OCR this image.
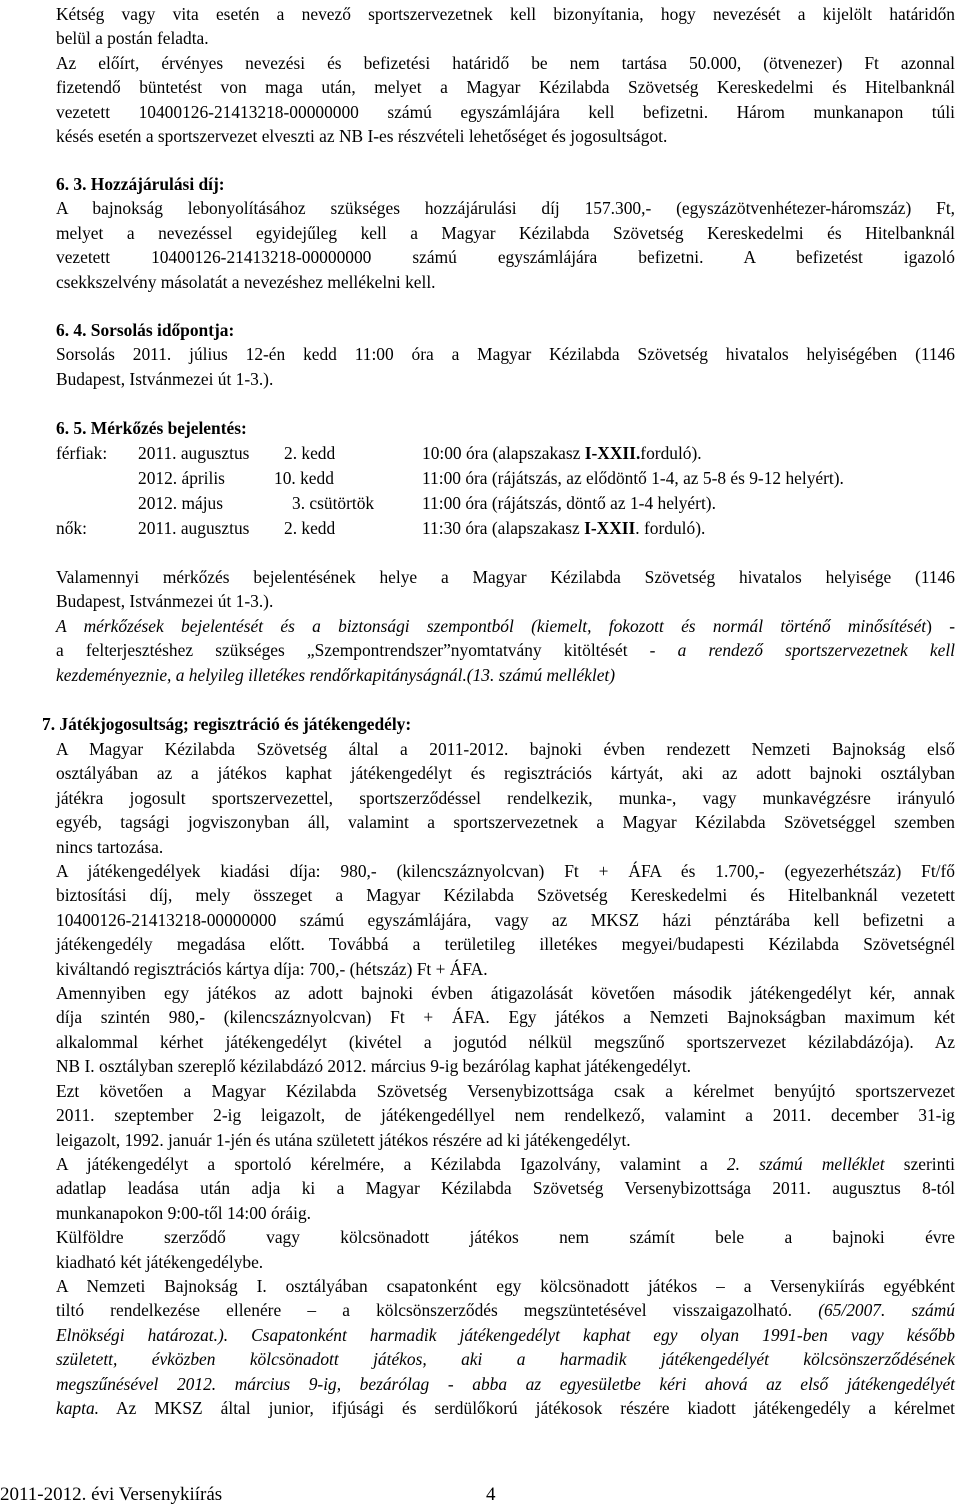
Kétség vagy vita esetén a nevező sportszervezetnek kell bizonyítania, hogy nevezését a kijelölt határidőn
belül a postán feladta.
Az előírt, érvényes nevezési és befizetési határidő be nem tartása 50.000, (ötvenezer) Ft azonnal
fizetendő büntetést von maga után, melyet a Magyar Kézilabda Szövetség Kereskedelmi és Hitelbanknál
vezetett 10400126-21413218-00000000 számú egyszámlájára kell befizetni. Három munkanapon túli
késés esetén a sportszervezet elveszti az NB I-es részvételi lehetőséget és jogosultságot.
6. 3. Hozzájárulási díj:
A bajnokság lebonyolításához szükséges hozzájárulási díj 157.300,- (egyszázötvenhétezer-háromszáz) Ft,
melyet a nevezéssel egyidejűleg kell a Magyar Kézilabda Szövetség Kereskedelmi és Hitelbanknál
vezetett 10400126-21413218-00000000 számú egyszámlájára befizetni. A befizetést igazoló
csekkszelvény másolatát a nevezéshez mellékelni kell.
6. 4. Sorsolás időpontja:
Sorsolás 2011. július 12-én kedd 11:00 óra a Magyar Kézilabda Szövetség hivatalos helyiségében (1146
Budapest, Istvánmezei út 1-3.).
6. 5. Mérkőzés bejelentés:
férfiak: 2011. augusztus 2. kedd	10:00 óra (alapszakasz I-XXII.forduló).
2012. április	10. kedd	11:00 óra (rájátszás, az elődöntő 1-4, az 5-8 és 9-12 helyért).
2012. május	3. csütörtök	11:00 óra (rájátszás, döntő az 1-4 helyért).
nők:	2011. augusztus 2. kedd	11:30 óra (alapszakasz I-XXII. forduló).
Valamennyi mérkőzés bejelentésének helye a Magyar Kézilabda Szövetség hivatalos helyisége (1146
Budapest, Istvánmezei út 1-3.).
A mérkőzések bejelentését és a biztonsági szempontból (kiemelt, fokozott és normál történő minősítését) -
a felterjesztéshez szükséges „Szempontrendszer”nyomtatvány kitöltését - a rendező sportszervezetnek kell
kezdeményeznie, a helyileg illetékes rendőrkapitányságnál.(13. számú melléklet)
7. Játékjogosultság; regisztráció és játékengedély:
A Magyar Kézilabda Szövetség által a 2011-2012. bajnoki évben rendezett Nemzeti Bajnokság első
osztályában az a játékos kaphat játékengedélyt és regisztrációs kártyát, aki az adott bajnoki osztályban
játékra jogosult sportszervezettel, sportszerződéssel rendelkezik, munka-, vagy munkavégzésre irányuló
egyéb, tagsági jogviszonyban áll, valamint a sportszervezetnek a Magyar Kézilabda Szövetséggel szemben
nincs tartozása.
A játékengedélyek kiadási díja: 980,- (kilencszáznyolcvan) Ft + ÁFA és 1.700,- (egyezerhétszáz) Ft/fő
biztosítási díj, mely összeget a Magyar Kézilabda Szövetség Kereskedelmi és Hitelbanknál vezetett
10400126-21413218-00000000 számú egyszámlájára, vagy az MKSZ házi pénztárába kell befizetni a
játékengedély megadása előtt. Továbbá a területileg illetékes megyei/budapesti Kézilabda Szövetségnél
kiváltandó regisztrációs kártya díja: 700,- (hétszáz) Ft + ÁFA.
Amennyiben egy játékos az adott bajnoki évben átigazolását követően második játékengedélyt kér, annak
díja szintén 980,- (kilencszáznyolcvan) Ft + ÁFA. Egy játékos a Nemzeti Bajnokságban maximum két
alkalommal kérhet játékengedélyt (kivétel a jogutód nélkül megszűnő sportszervezet kézilabdázója). Az
NB I. osztályban szereplő kézilabdázó 2012. március 9-ig bezárólag kaphat játékengedélyt.
Ezt követően a Magyar Kézilabda Szövetség Versenybizottsága csak a kérelmet benyújtó sportszervezet
2011. szeptember 2-ig leigazolt, de játékengedéllyel nem rendelkező, valamint a 2011. december 31-ig
leigazolt, 1992. január 1-jén és utána született játékos részére ad ki játékengedélyt.
A játékengedélyt a sportoló kérelmére, a Kézilabda Igazolvány, valamint a 2. számú melléklet szerinti
adatlap leadása után adja ki a Magyar Kézilabda Szövetség Versenybizottsága 2011. augusztus 8-tól
munkanapokon 9:00-től 14:00 óráig.
Külföldre szerződő vagy kölcsönadott játékos nem számít bele a bajnoki évre
kiadható két játékengedélybe.
A Nemzeti Bajnokság I. osztályában csapatonként egy kölcsönadott játékos – a Versenykiírás egyébként
tiltó rendelkezése ellenére – a kölcsönszerződés megszüntetésével visszaigazolható. (65/2007. számú
Elnökségi határozat.). Csapatonként harmadik játékengedélyt kaphat egy olyan 1991-ben vagy később
született, évközben kölcsönadott játékos, aki a harmadik játékengedélyét kölcsönszerződésének
megszűnésével 2012. március 9-ig, bezárólag - abba az egyesületbe kéri ahová az első játékengedélyét
kapta. Az MKSZ által junior, ifjúsági és serdülőkorú játékosok részére kiadott játékengedély a kérelmet
2011-2012. évi Versenykiírás	4
